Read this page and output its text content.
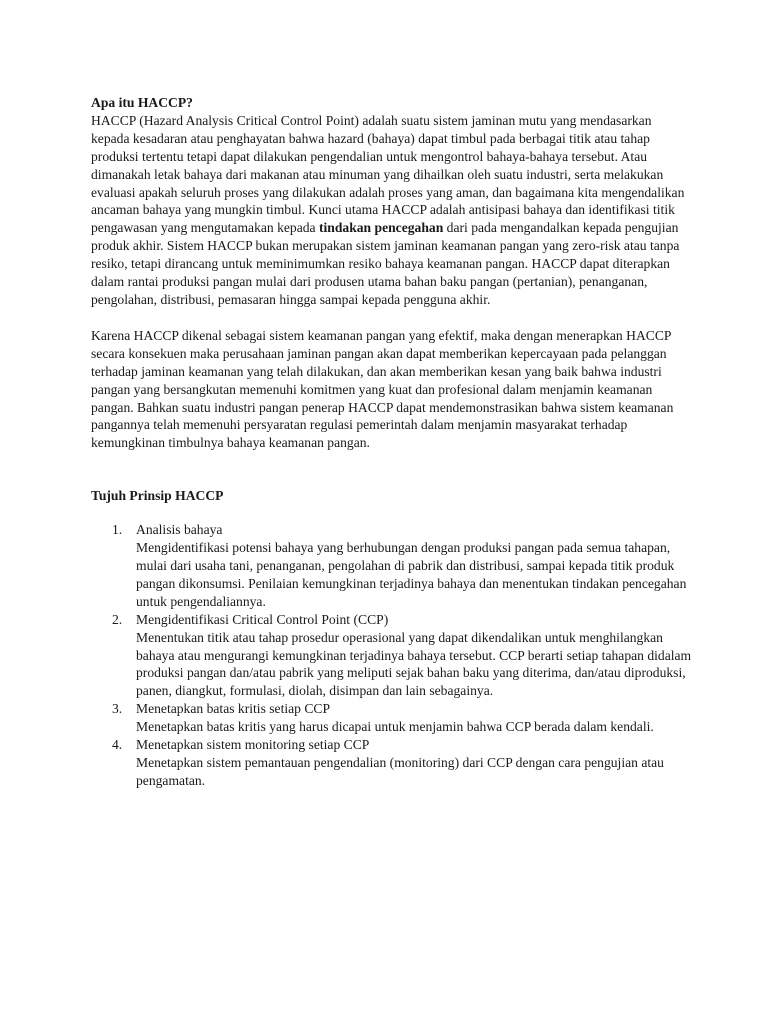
Apa itu HACCP?

HACCP (Hazard Analysis Critical Control Point) adalah suatu sistem jaminan mutu yang mendasarkan kepada kesadaran atau penghayatan bahwa hazard (bahaya) dapat timbul pada berbagai titik atau tahap produksi tertentu tetapi dapat dilakukan pengendalian untuk mengontrol bahaya-bahaya tersebut. Atau dimanakah letak bahaya dari makanan atau minuman yang dihailkan oleh suatu industri, serta melakukan evaluasi apakah seluruh proses yang dilakukan adalah proses yang aman, dan bagaimana kita mengendalikan ancaman bahaya yang mungkin timbul. Kunci utama HACCP adalah antisipasi bahaya dan identifikasi titik pengawasan yang mengutamakan kepada tindakan pencegahan dari pada mengandalkan kepada pengujian produk akhir. Sistem HACCP bukan merupakan sistem jaminan keamanan pangan yang zero-risk atau tanpa resiko, tetapi dirancang untuk meminimumkan resiko bahaya keamanan pangan. HACCP dapat diterapkan dalam rantai produksi pangan mulai dari produsen utama bahan baku pangan (pertanian), penanganan, pengolahan, distribusi, pemasaran hingga sampai kepada pengguna akhir.

Karena HACCP dikenal sebagai sistem keamanan pangan yang efektif, maka dengan menerapkan HACCP secara konsekuen maka perusahaan jaminan pangan akan dapat memberikan kepercayaan pada pelanggan terhadap jaminan keamanan yang telah dilakukan, dan akan memberikan kesan yang baik bahwa industri pangan yang bersangkutan memenuhi komitmen yang kuat dan profesional dalam menjamin keamanan pangan. Bahkan suatu industri pangan penerap HACCP dapat mendemonstrasikan bahwa sistem keamanan pangannya telah memenuhi persyaratan regulasi pemerintah dalam menjamin masyarakat terhadap kemungkinan timbulnya bahaya keamanan pangan.

Tujuh Prinsip HACCP

1. Analisis bahaya
Mengidentifikasi potensi bahaya yang berhubungan dengan produksi pangan pada semua tahapan, mulai dari usaha tani, penanganan, pengolahan di pabrik dan distribusi, sampai kepada titik produk pangan dikonsumsi. Penilaian kemungkinan terjadinya bahaya dan menentukan tindakan pencegahan untuk pengendaliannya.
2. Mengidentifikasi Critical Control Point (CCP)
Menentukan titik atau tahap prosedur operasional yang dapat dikendalikan untuk menghilangkan bahaya atau mengurangi kemungkinan terjadinya bahaya tersebut. CCP berarti setiap tahapan didalam produksi pangan dan/atau pabrik yang meliputi sejak bahan baku yang diterima, dan/atau diproduksi, panen, diangkut, formulasi, diolah, disimpan dan lain sebagainya.
3. Menetapkan batas kritis setiap CCP
Menetapkan batas kritis yang harus dicapai untuk menjamin bahwa CCP berada dalam kendali.
4. Menetapkan sistem monitoring setiap CCP
Menetapkan sistem pemantauan pengendalian (monitoring) dari CCP dengan cara pengujian atau pengamatan.
